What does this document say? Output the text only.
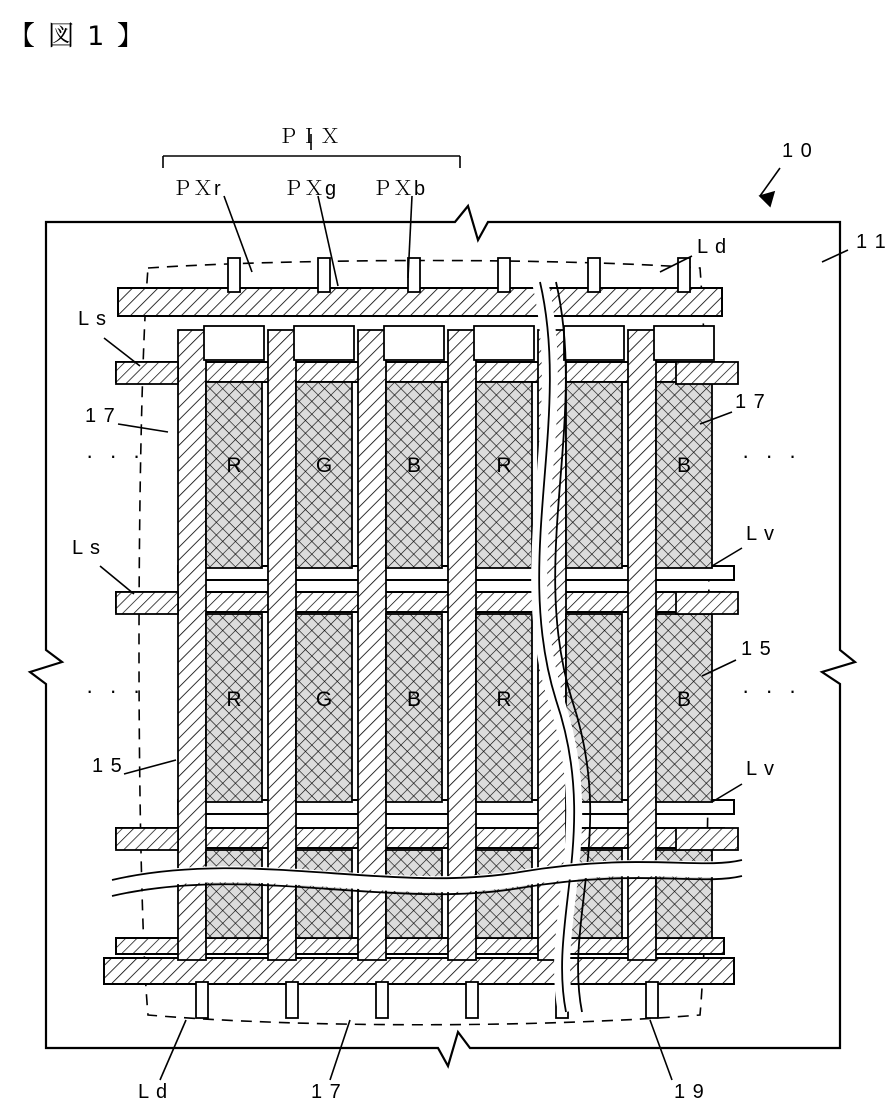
【 図 1 】
R	G	B	R	B
R	G	B	R	B
ＰＩＸ
ＰＸr	ＰＸg ＰＸb
1 0
1 1
L s
L s
L d
L d
L v
L v
1 7
1 7
1 7
1 5
1 5
1 9
· · ·	· · ·
· · ·	· · ·
